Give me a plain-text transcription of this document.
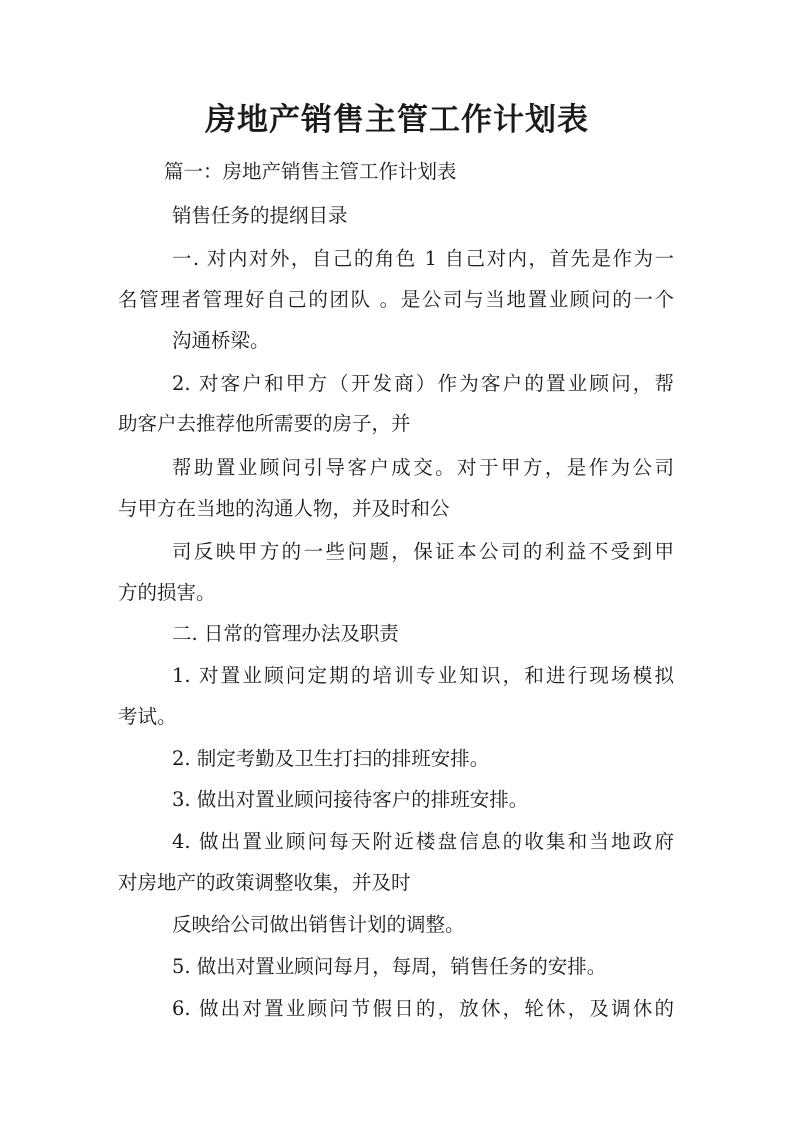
房地产销售主管工作计划表
篇一：房地产销售主管工作计划表
销售任务的提纲目录
一. 对内对外，自己的角色 1 自己对内，首先是作为一
名管理者管理好自己的团队 。是公司与当地置业顾问的一个
沟通桥梁。
2. 对客户和甲方（开发商）作为客户的置业顾问，帮
助客户去推荐他所需要的房子，并
帮助置业顾问引导客户成交。对于甲方，是作为公司
与甲方在当地的沟通人物，并及时和公
司反映甲方的一些问题，保证本公司的利益不受到甲
方的损害。
二. 日常的管理办法及职责
1. 对置业顾问定期的培训专业知识，和进行现场模拟
考试。
2. 制定考勤及卫生打扫的排班安排。
3. 做出对置业顾问接待客户的排班安排。
4. 做出置业顾问每天附近楼盘信息的收集和当地政府
对房地产的政策调整收集，并及时
反映给公司做出销售计划的调整。
5. 做出对置业顾问每月，每周，销售任务的安排。
6. 做出对置业顾问节假日的，放休，轮休，及调休的
